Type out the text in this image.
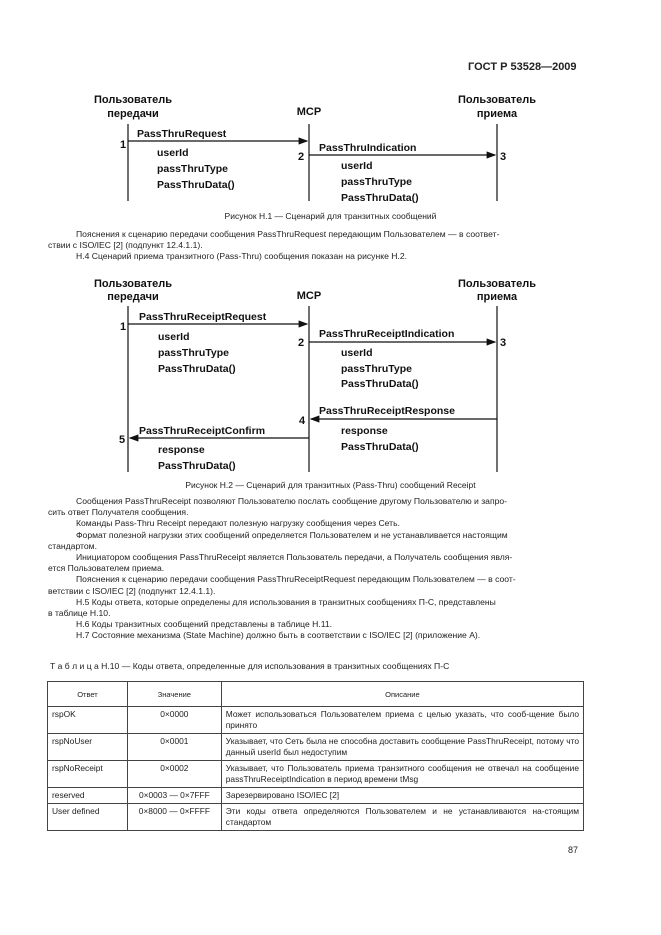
ГОСТ Р 53528—2009
Пользователь
передачи	MCP
Пользователь
приема
PassThruRequest
1
userId
passThruType
PassThruData()
PassThruIndication
2	3
userId
passThruType
PassThruData()
Пользователь
передачи	MCP
Пользователь
приема
PassThruReceiptRequest
1
userId
passThruType
PassThruData()
PassThruReceiptIndication
2	3
userId
passThruType
PassThruData()
PassThruReceiptResponse
4
response
PassThruData()
PassThruReceiptConfirm
5
response
PassThruData()
Рисунок Н.1 — Сценарий для транзитных сообщений
Пояснения к сценарию передачи сообщения PassThruRequest передающим Пользователем — в соответ-
ствии с ISO/IEC [2] (подпункт 12.4.1.1).
Н.4 Сценарий приема транзитного (Pass-Thru) сообщения показан на рисунке Н.2.
Рисунок Н.2 — Сценарий для транзитных (Pass-Thru) сообщений Receipt
Сообщения PassThruReceipt позволяют Пользователю послать сообщение другому Пользователю и запро-
сить ответ Получателя сообщения.
Команды Pass-Thru Receipt передают полезную нагрузку сообщения через Сеть.
Формат полезной нагрузки этих сообщений определяется Пользователем и не устанавливается настоящим
стандартом.
Инициатором сообщения PassThruReceipt является Пользователь передачи, а Получатель сообщения явля-
ется Пользователем приема.
Пояснения к сценарию передачи сообщения PassThruReceiptRequest передающим Пользователем — в соот-
ветствии с ISO/IEC [2] (подпункт 12.4.1.1).
Н.5 Коды ответа, которые определены для использования в транзитных сообщениях П-С, представлены
в таблице Н.10.
Н.6 Коды транзитных сообщений представлены в таблице Н.11.
Н.7 Состояние механизма (State Machine) должно быть в соответствии с ISO/IEC [2] (приложение А).
Т а б л и ц а Н.10 — Коды ответа, определенные для использования в транзитных сообщениях П-С
Ответ	Значение	Описание
rspOK	0×0000	Может использоваться Пользователем приема с целью указать, что сооб-щение было принято
rspNoUser	0×0001	Указывает, что Сеть была не способна доставить сообщение PassThruReceipt, потому что данный userId был недоступим
rspNoReceipt	0×0002	Указывает, что Пользователь приема транзитного сообщения не отвечал на сообщение passThruReceiptIndication в период времени tMsg
reserved	0×0003 — 0×7FFF	Зарезервировано ISO/IEC [2]
User defined	0×8000 — 0×FFFF	Эти коды ответа определяются Пользователем и не устанавливаются на-стоящим стандартом
87
